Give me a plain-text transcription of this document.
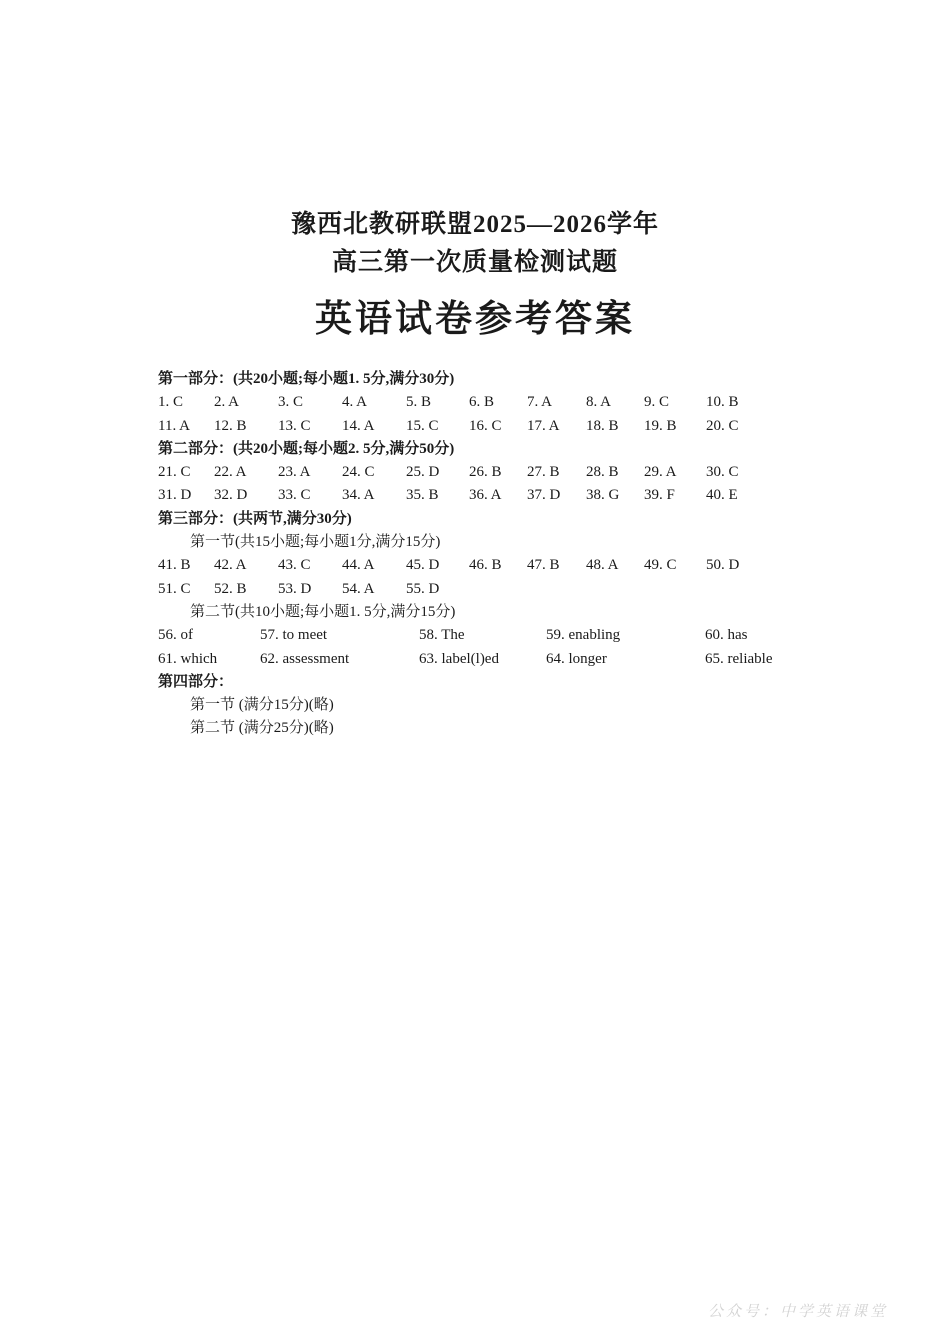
豫西北教研联盟2025—2026学年
高三第一次质量检测试题
英语试卷参考答案
第一部分：(共20小题;每小题1. 5分,满分30分)
1. C 2. A	3. C	4. A	5. B	6. B 7. A 8. A 9. C 10. B
11. A 12. B 13. C 14. A 15. C 16. C 17. A 18. B 19. B 20. C
第二部分：(共20小题;每小题2. 5分,满分50分)
21. C 22. A 23. A 24. C 25. D 26. B 27. B 28. B 29. A 30. C
31. D 32. D 33. C 34. A 35. B 36. A 37. D 38. G 39. F 40. E
第三部分：(共两节,满分30分)
第一节(共15小题;每小题1分,满分15分)
41. B 42. A 43. C 44. A 45. D 46. B 47. B 48. A 49. C 50. D
51. C 52. B 53. D 54. A 55. D
第二节(共10小题;每小题1. 5分,满分15分)
56. of	57. to meet	58. The	59. enabling	60. has
61. which	62. assessment	63. label(l)ed	64. longer	65. reliable
第四部分：
第一节 (满分15分)(略)
第二节 (满分25分)(略)
公众号：中学英语课堂
